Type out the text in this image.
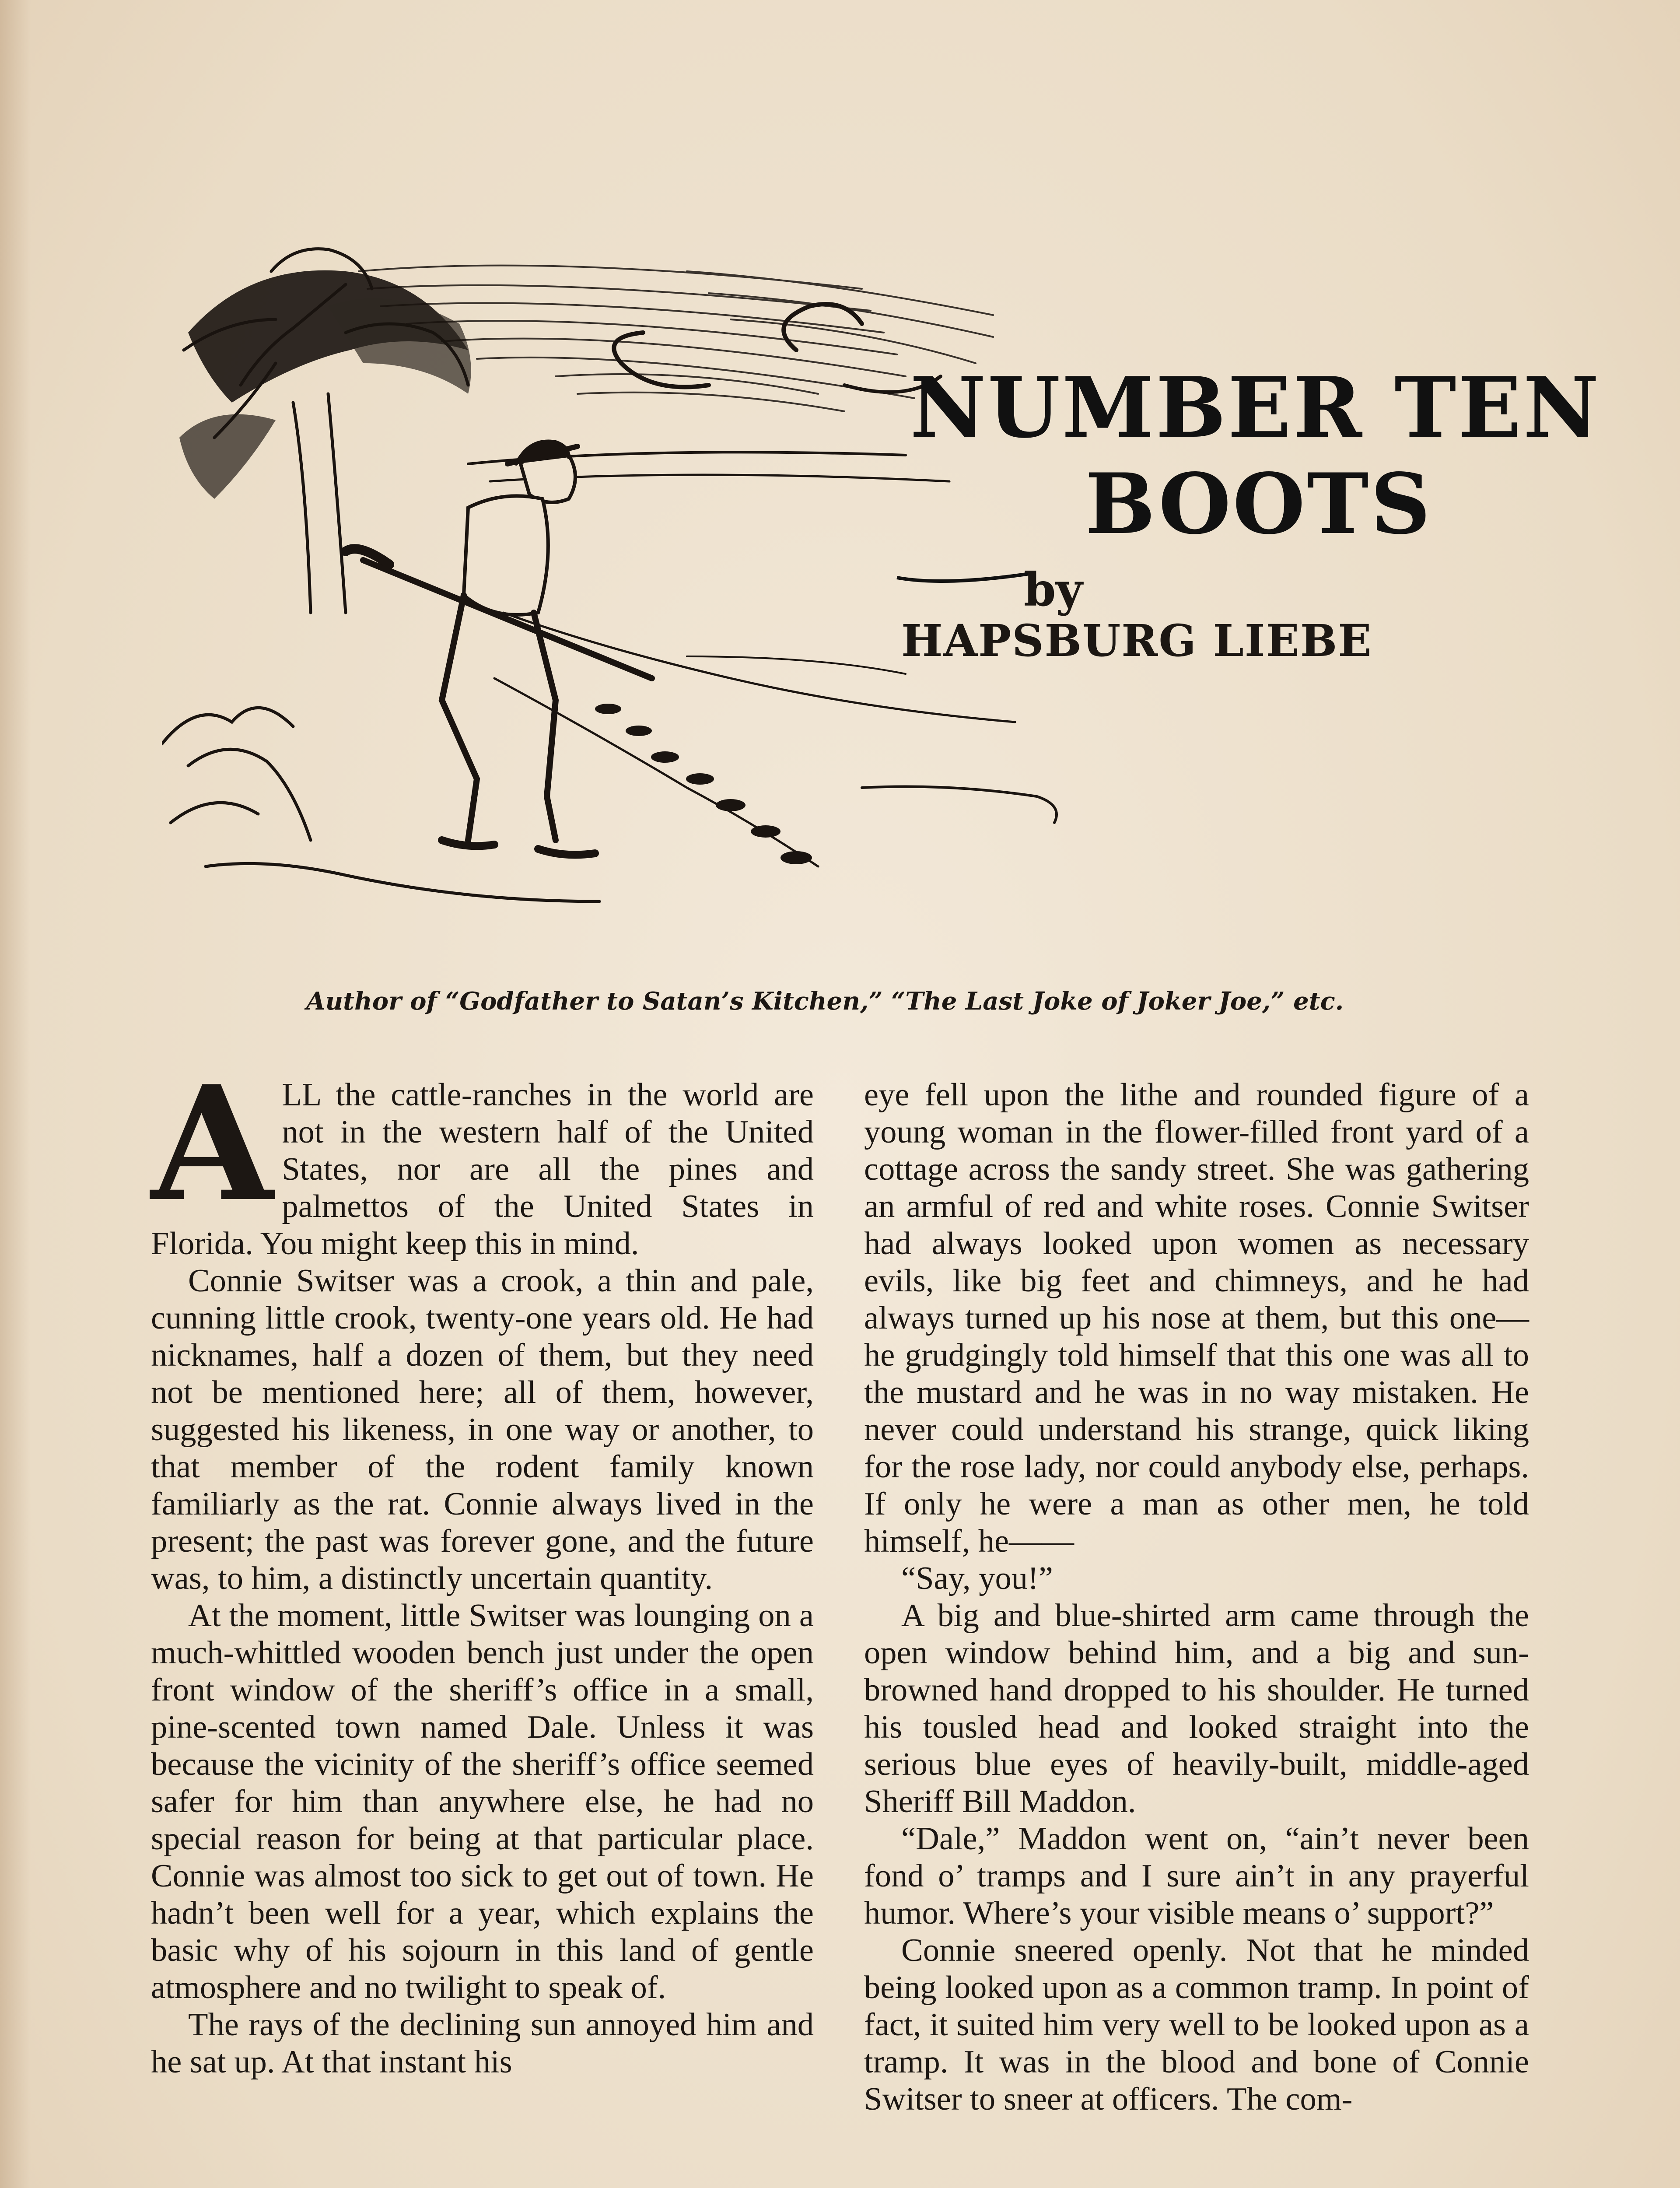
NUMBER TEN
BOOTS
by
HAPSBURG LIEBE
Author of “Godfather to Satan’s Kitchen,” “The Last Joke of Joker Joe,” etc.

ALL the cattle-ranches in the world are not in the western half of the United States, nor are all the pines and palmettos of the United States in Florida. You might keep this in mind.

Connie Switser was a crook, a thin and pale, cunning little crook, twenty-one years old. He had nicknames, half a dozen of them, but they need not be mentioned here; all of them, however, suggested his likeness, in one way or another, to that member of the rodent family known familiarly as the rat. Connie always lived in the present; the past was forever gone, and the future was, to him, a distinctly uncertain quantity.

At the moment, little Switser was lounging on a much-whittled wooden bench just under the open front window of the sheriff’s office in a small, pine-scented town named Dale. Unless it was because the vicinity of the sheriff’s office seemed safer for him than anywhere else, he had no special reason for being at that particular place. Connie was almost too sick to get out of town. He hadn’t been well for a year, which explains the basic why of his sojourn in this land of gentle atmosphere and no twilight to speak of.

The rays of the declining sun annoyed him and he sat up. At that instant his

eye fell upon the lithe and rounded figure of a young woman in the flower-filled front yard of a cottage across the sandy street. She was gathering an armful of red and white roses. Connie Switser had always looked upon women as necessary evils, like big feet and chimneys, and he had always turned up his nose at them, but this one—he grudgingly told himself that this one was all to the mustard and he was in no way mistaken. He never could understand his strange, quick liking for the rose lady, nor could anybody else, perhaps. If only he were a man as other men, he told himself, he——

“Say, you!”

A big and blue-shirted arm came through the open window behind him, and a big and sun-browned hand dropped to his shoulder. He turned his tousled head and looked straight into the serious blue eyes of heavily-built, middle-aged Sheriff Bill Maddon.

“Dale,” Maddon went on, “ain’t never been fond o’ tramps and I sure ain’t in any prayerful humor. Where’s your visible means o’ support?”

Connie sneered openly. Not that he minded being looked upon as a common tramp. In point of fact, it suited him very well to be looked upon as a tramp. It was in the blood and bone of Connie Switser to sneer at officers. The com-
